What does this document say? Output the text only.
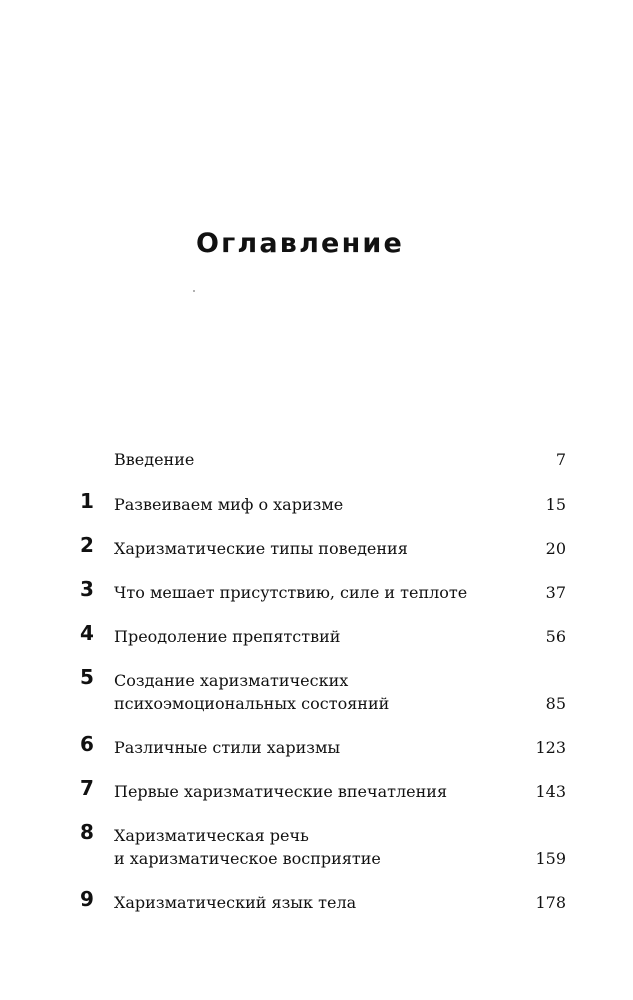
Оглавление
Введение	7
1 Развеиваем миф о харизме	15
2 Харизматические типы поведения	20
3 Что мешает присутствию, силе и теплоте	37
4 Преодоление препятствий	56
5 Создание харизматических
психоэмоциональных состояний	85
6 Различные стили харизмы	123
7 Первые харизматические впечатления	143
8 Харизматическая речь
и харизматическое восприятие	159
9 Харизматический язык тела	178
